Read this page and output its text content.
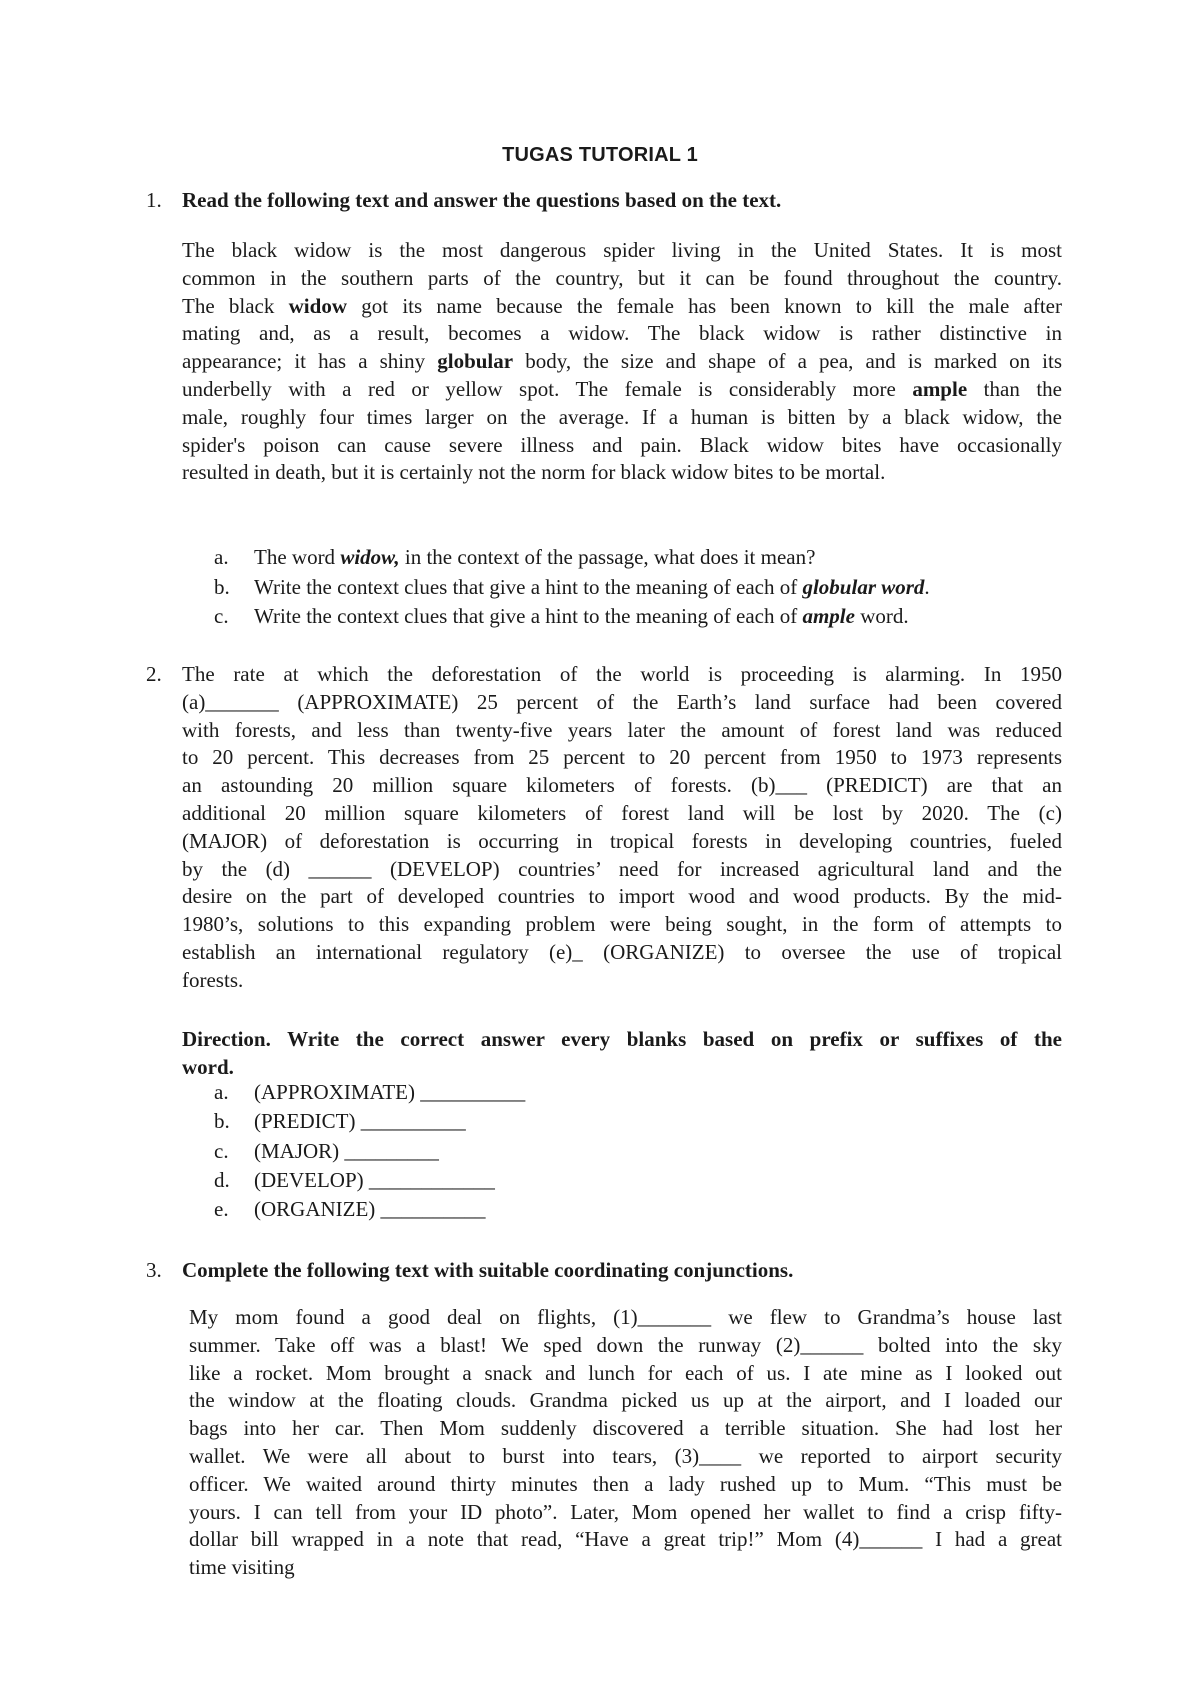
TUGAS TUTORIAL 1
1. Read the following text and answer the questions based on the text.
The black widow is the most dangerous spider living in the United States. It is most
common in the southern parts of the country, but it can be found throughout the country.
The black widow got its name because the female has been known to kill the male after
mating and, as a result, becomes a widow. The black widow is rather distinctive in
appearance; it has a shiny globular body, the size and shape of a pea, and is marked on its
underbelly with a red or yellow spot. The female is considerably more ample than the
male, roughly four times larger on the average. If a human is bitten by a black widow, the
spider's poison can cause severe illness and pain. Black widow bites have occasionally
resulted in death, but it is certainly not the norm for black widow bites to be mortal.
a. The word widow, in the context of the passage, what does it mean?
b. Write the context clues that give a hint to the meaning of each of globular word.
c. Write the context clues that give a hint to the meaning of each of ample word.
2. The rate at which the deforestation of the world is proceeding is alarming. In 1950
(a)_______ (APPROXIMATE) 25 percent of the Earth’s land surface had been covered
with forests, and less than twenty-five years later the amount of forest land was reduced
to 20 percent. This decreases from 25 percent to 20 percent from 1950 to 1973 represents
an astounding 20 million square kilometers of forests. (b)___ (PREDICT) are that an
additional 20 million square kilometers of forest land will be lost by 2020. The (c)
(MAJOR) of deforestation is occurring in tropical forests in developing countries, fueled
by the (d) ______ (DEVELOP) countries’ need for increased agricultural land and the
desire on the part of developed countries to import wood and wood products. By the mid-
1980’s, solutions to this expanding problem were being sought, in the form of attempts to
establish an international regulatory (e)_ (ORGANIZE) to oversee the use of tropical
forests.
Direction. Write the correct answer every blanks based on prefix or suffixes of the
word.
a. (APPROXIMATE) __________
b. (PREDICT) __________
c. (MAJOR) _________
d. (DEVELOP) ____________
e. (ORGANIZE) __________
3. Complete the following text with suitable coordinating conjunctions.
My mom found a good deal on flights, (1)_______ we flew to Grandma’s house last
summer. Take off was a blast! We sped down the runway (2)______ bolted into the sky
like a rocket. Mom brought a snack and lunch for each of us. I ate mine as I looked out
the window at the floating clouds. Grandma picked us up at the airport, and I loaded our
bags into her car. Then Mom suddenly discovered a terrible situation. She had lost her
wallet. We were all about to burst into tears, (3)____ we reported to airport security
officer. We waited around thirty minutes then a lady rushed up to Mum. “This must be
yours. I can tell from your ID photo”. Later, Mom opened her wallet to find a crisp fifty-
dollar bill wrapped in a note that read, “Have a great trip!” Mom (4)______ I had a great
time visiting
